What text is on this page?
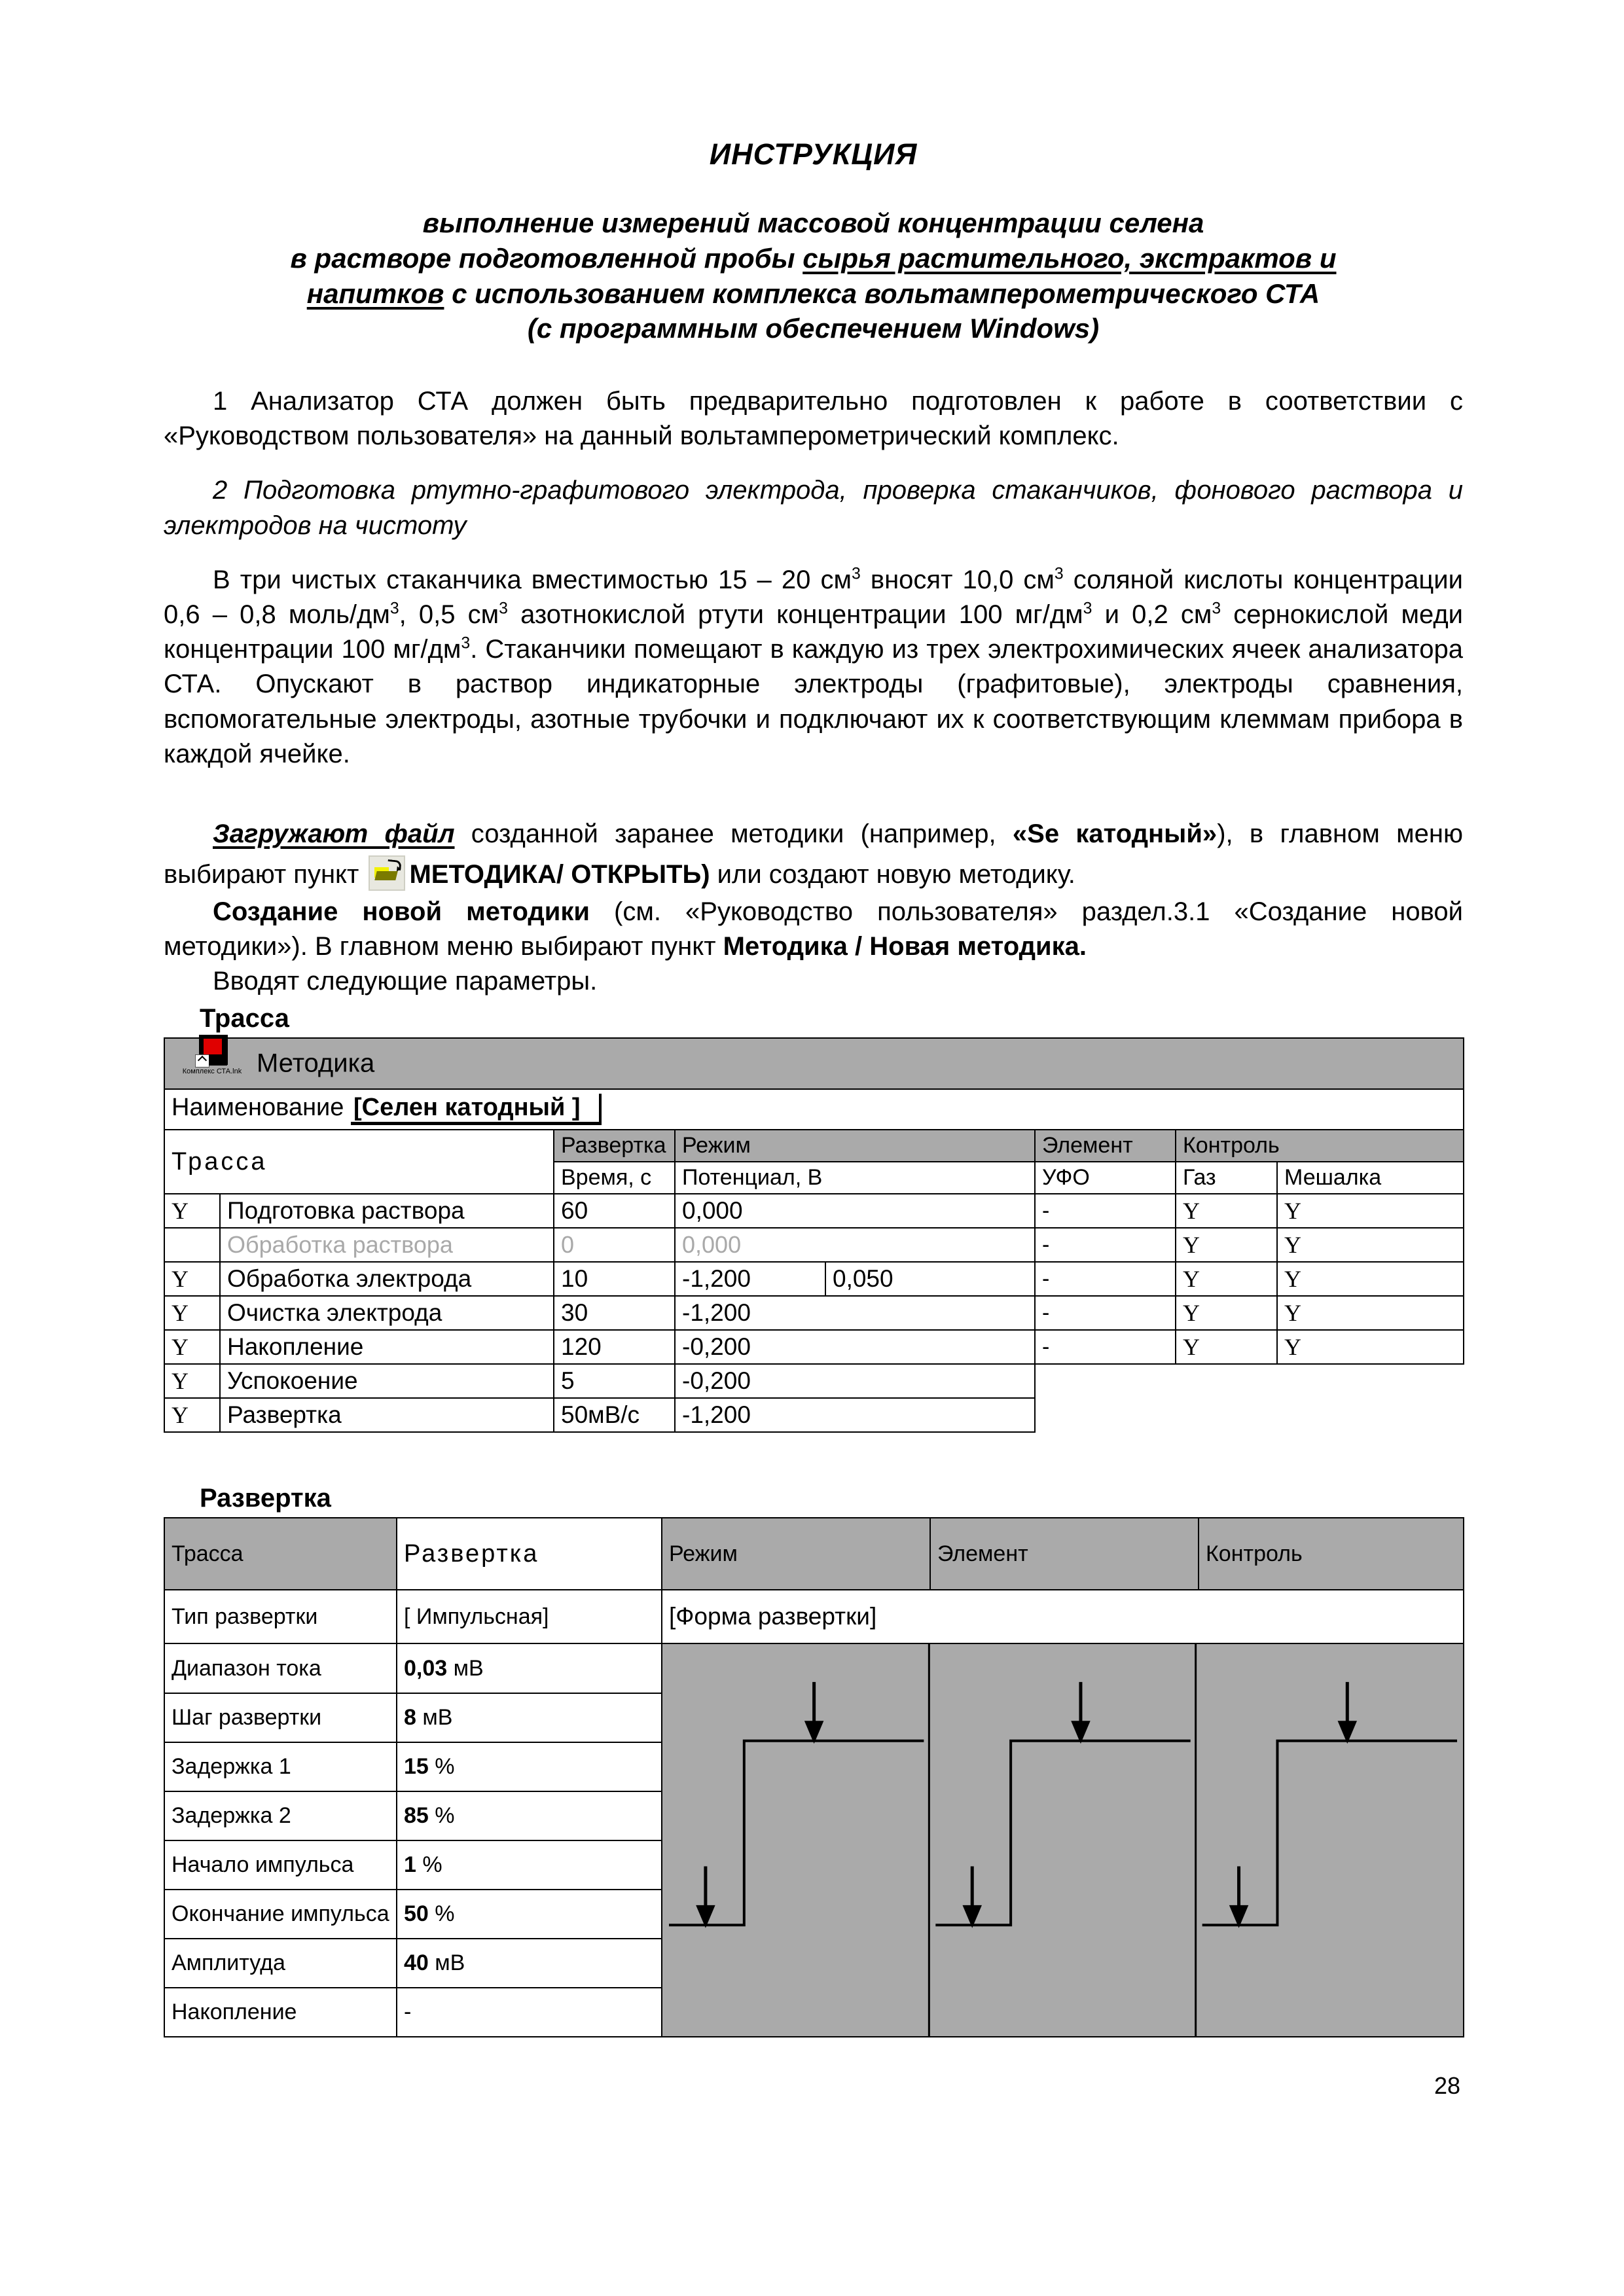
ИНСТРУКЦИЯ
выполнение измерений массовой концентрации селена
в растворе подготовленной пробы сырья растительного, экстрактов и
напитков с использованием комплекса вольтамперометрического СТА
(с программным обеспечением Windows)

1 Анализатор СТА должен быть предварительно подготовлен к работе в соответствии с «Руководством пользователя» на данный вольтамперометрический комплекс.

2 Подготовка ртутно-графитового электрода, проверка стаканчиков, фонового раствора и электродов на чистоту

В три чистых стаканчика вместимостью 15 – 20 $см^3$ вносят 10,0 $см^3$ соляной кислоты концентрации 0,6 – 0,8 моль/$дм^3$, 0,5 $см^3$ азотнокислой ртути концентрации 100 $мг/дм^3$ и 0,2 $см^3$ сернокислой меди концентрации 100 $мг/дм^3$. Стаканчики помещают в каждую из трех электрохимических ячеек анализатора СТА. Опускают в раствор индикаторные электроды (графитовые), электроды сравнения, вспомогательные электроды, азотные трубочки и подключают их к соответствующим клеммам прибора в каждой ячейке.

Загружают файл созданной заранее методики (например, «Se катодный»), в главном меню выбирают пункт
МЕТОДИКА/ ОТКРЫТЬ) или создают новую методику.

Создание новой методики (см. «Руководство пользователя» раздел.3.1 «Создание новой методики»). В главном меню выбирают пункт Методика / Новая методика.

Вводят следующие параметры.

Трасса
Комплекс СТА.lnk Методика							

Наименование [Селен катодный ]							
Трасса		Развертка	Режим		Элемент	Контроль	
		Время, с	Потенциал, В		УФО	Газ	Мешалка
Y	Подготовка раствора	60	0,000		-	Y	Y
	Обработка раствора	0	0,000		-	Y	Y
Y	Обработка электрода	10	-1,200	0,050	-	Y	Y
Y	Очистка электрода	30	-1,200		-	Y	Y
Y	Накопление	120	-0,200		-	Y	Y
Y	Успокоение	5	-0,200				
Y	Развертка	50мВ/с	-1,200				
Развертка
Трасса	Развертка	Режим	Элемент	Контроль
Тип развертки	[ Импульсная]	[Форма развертки]		
Диапазон тока	0,03 мВ	

Шаг развертки	8 мВ			
Задержка 1	15 %			
Задержка 2	85 %			
Начало импульса	1 %			
Окончание импульса	50 %			
Амплитуда	40 мВ			
Накопление	-			
28
